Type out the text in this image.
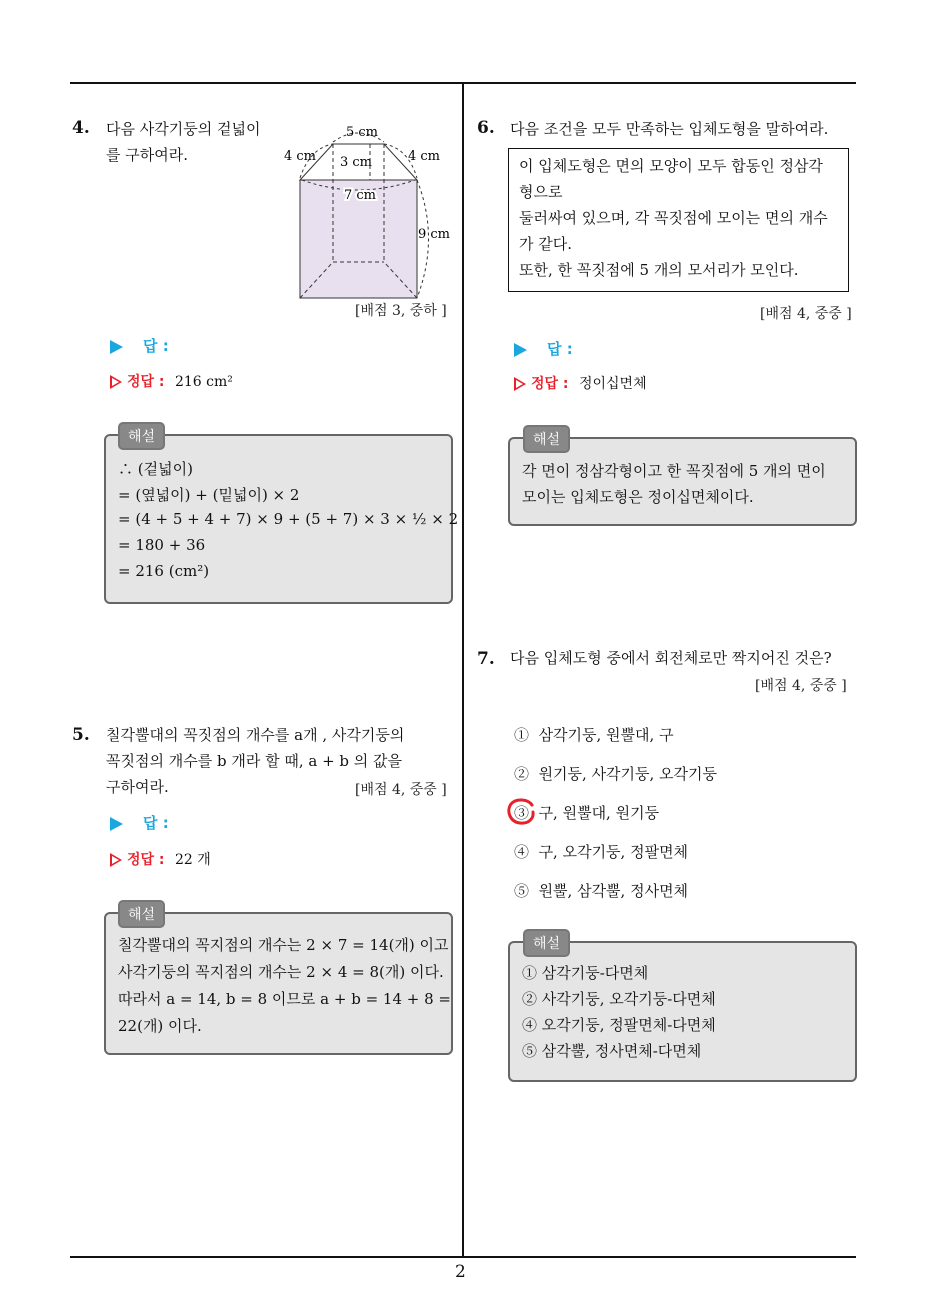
2
4. 다음 사각기둥의 겉넓이
를 구하여라.
5 cm
3 cm
4 cm	4 cm
7 cm
9 cm
[배점 3, 중하 ]
답 :
정답 : 216 cm²
해설
∴ (겉넓이)
= (옆넓이) + (밑넓이) × 2
= (4 + 5 + 4 + 7) × 9 + (5 + 7) × 3 × ½ × 2
= 180 + 36
= 216 (cm²)
5. 칠각뿔대의 꼭짓점의 개수를 a개 , 사각기둥의
꼭짓점의 개수를 b 개라 할 때, a + b 의 값을
구하여라.	[배점 4, 중중 ]
답 :
정답 : 22 개
해설
칠각뿔대의 꼭지점의 개수는 2 × 7 = 14(개) 이고
사각기둥의 꼭지점의 개수는 2 × 4 = 8(개) 이다.
따라서 a = 14, b = 8 이므로 a + b = 14 + 8 =
22(개) 이다.
6. 다음 조건을 모두 만족하는 입체도형을 말하여라.
이 입체도형은 면의 모양이 모두 합동인 정삼각
형으로
둘러싸여 있으며, 각 꼭짓점에 모이는 면의 개수
가 같다.
또한, 한 꼭짓점에 5 개의 모서리가 모인다.
[배점 4, 중중 ]
답 :
정답 : 정이십면체
해설
각 면이 정삼각형이고 한 꼭짓점에 5 개의 면이
모이는 입체도형은 정이십면체이다.
7. 다음 입체도형 중에서 회전체로만 짝지어진 것은?
[배점 4, 중중 ]
① 삼각기둥, 원뿔대, 구
② 원기둥, 사각기둥, 오각기둥
③ 구, 원뿔대, 원기둥
④ 구, 오각기둥, 정팔면체
⑤ 원뿔, 삼각뿔, 정사면체
해설
① 삼각기둥-다면체
② 사각기둥, 오각기둥-다면체
④ 오각기둥, 정팔면체-다면체
⑤ 삼각뿔, 정사면체-다면체
